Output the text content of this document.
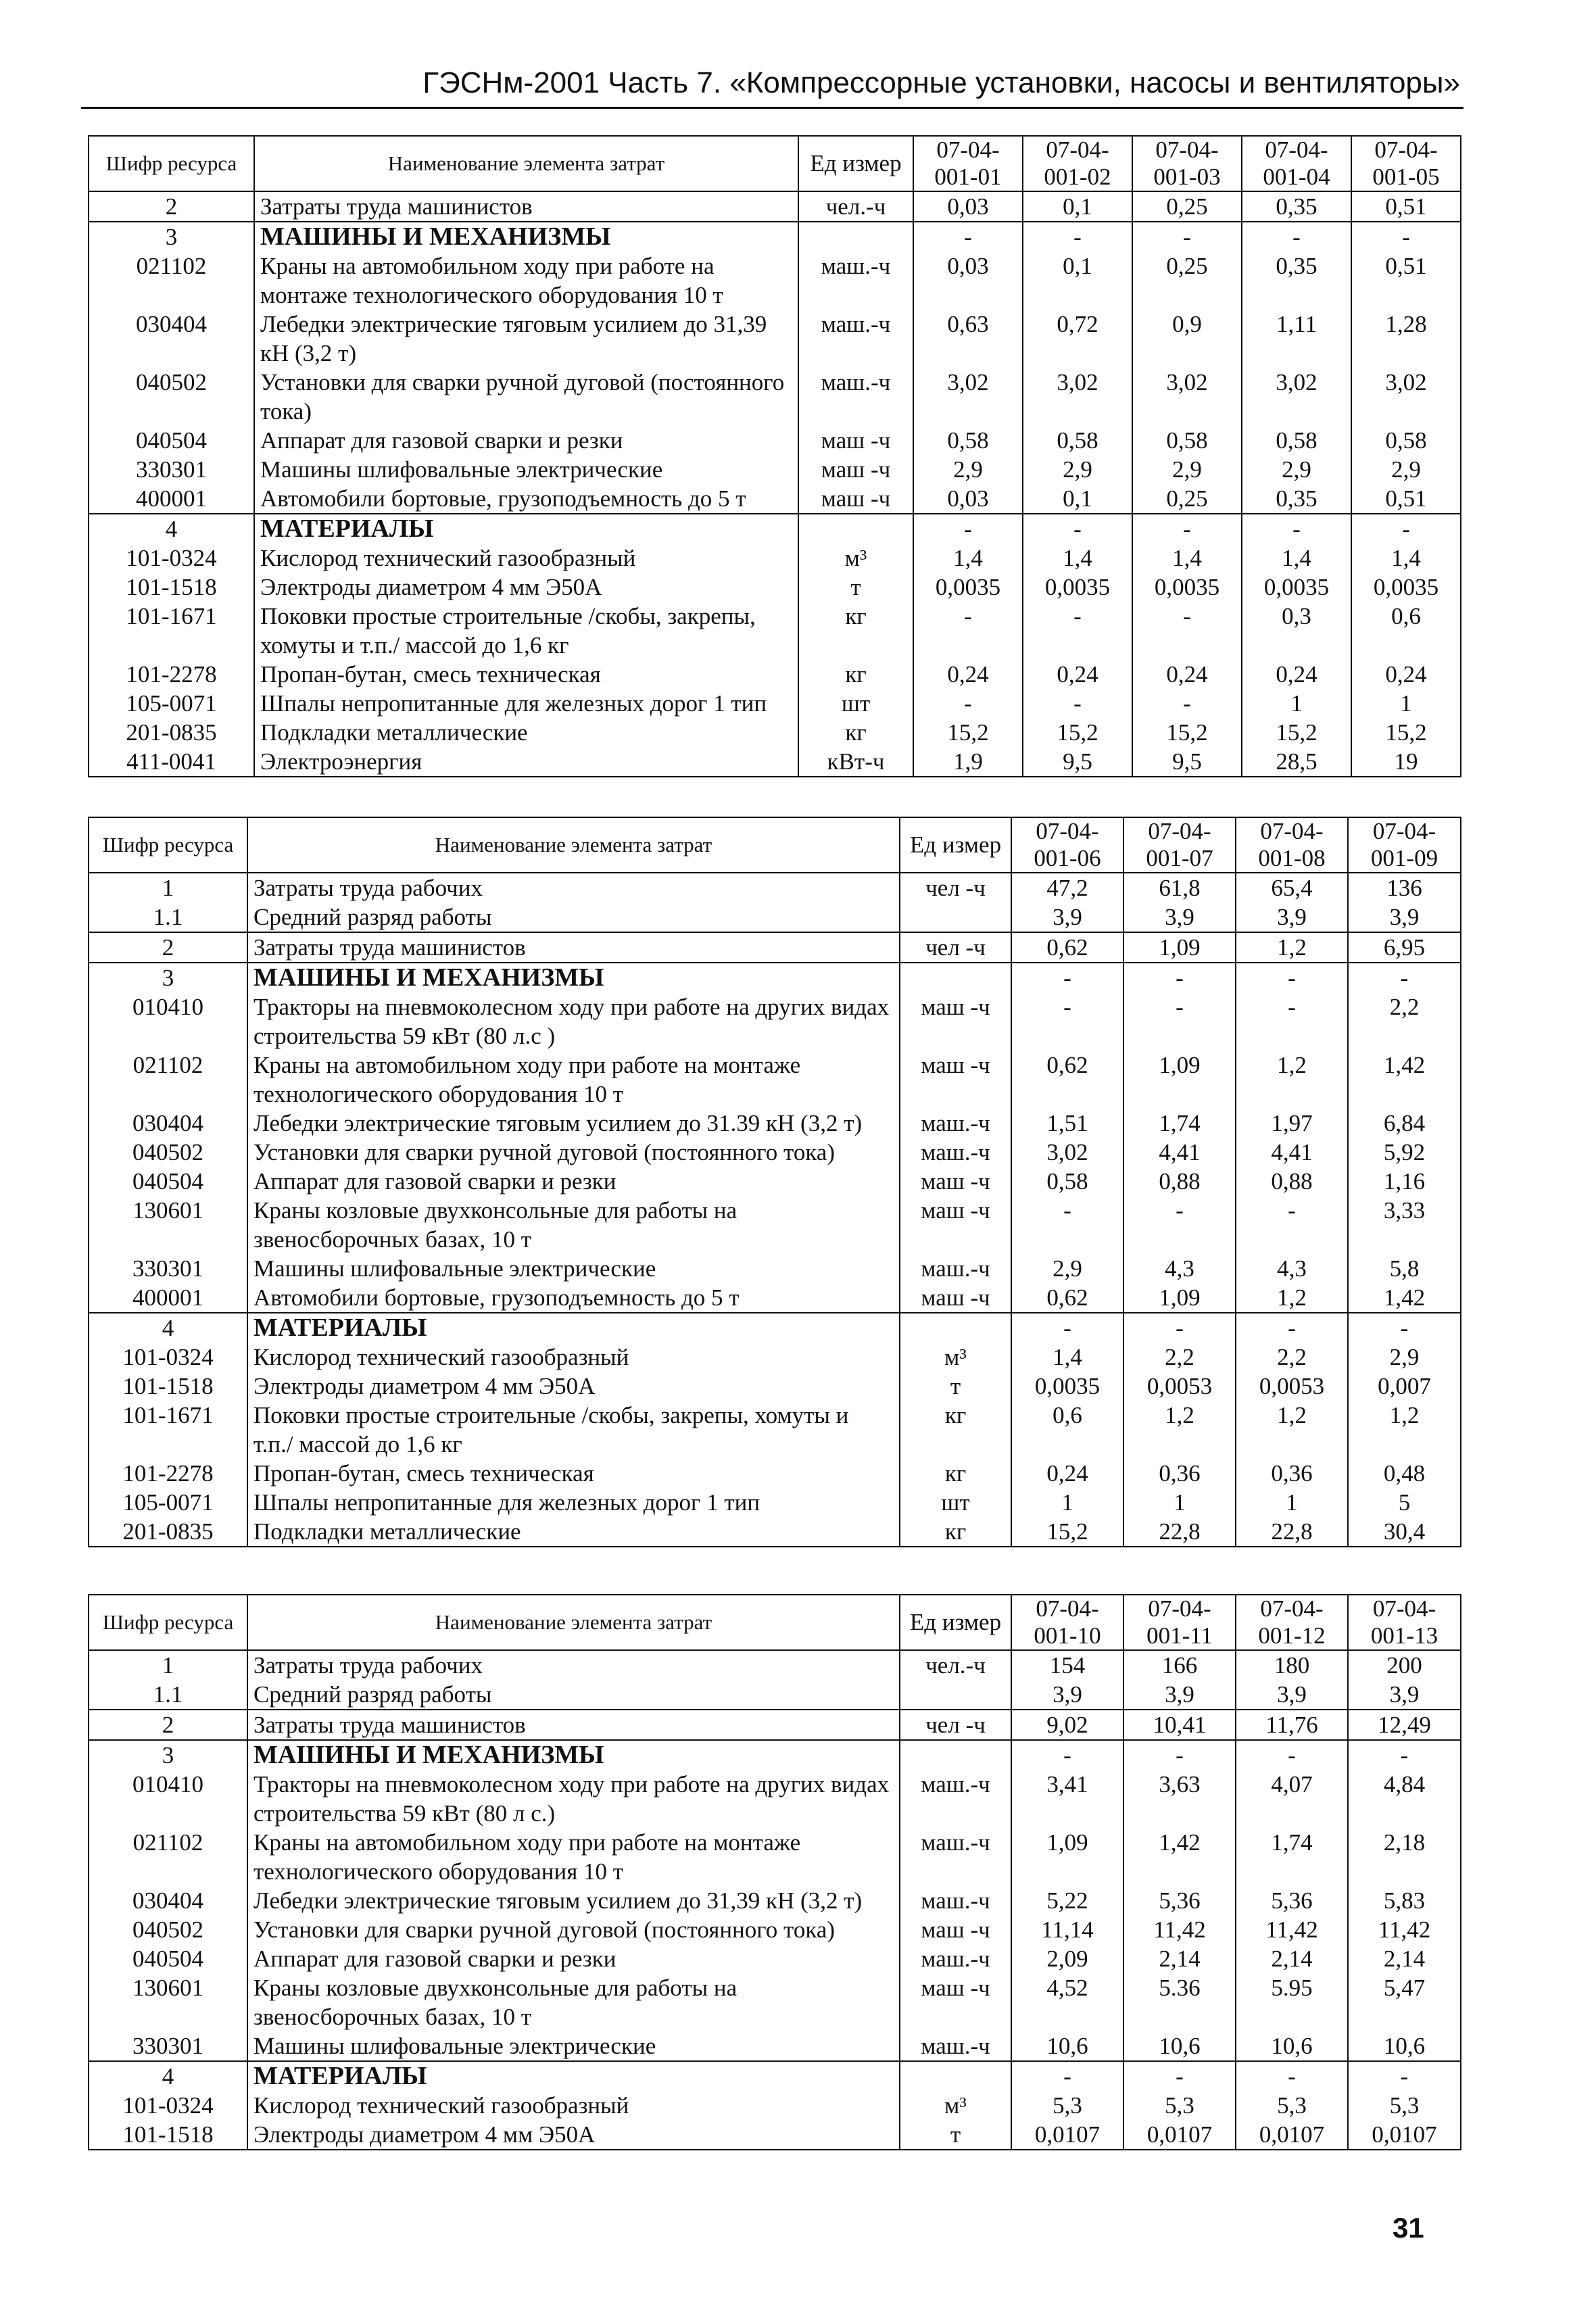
ГЭСНм-2001 Часть 7. «Компрессорные установки, насосы и вентиляторы»
Шифр ресурса	Наименование элемента затрат	Ед измер	07-04-001-01	07-04-001-02	07-04-001-03	07-04-001-04	07-04-001-05
2	Затраты труда машинистов	чел.-ч	0,03	0,1	0,25	0,35	0,51
3	МАШИНЫ И МЕХАНИЗМЫ		-	-	-	-	-
021102	Краны на автомобильном ходу при работе на монтаже технологического оборудования 10 т	маш.-ч	0,03	0,1	0,25	0,35	0,51
030404	Лебедки электрические тяговым усилием до 31,39 кН (3,2 т)	маш.-ч	0,63	0,72	0,9	1,11	1,28
040502	Установки для сварки ручной дуговой (постоянного тока)	маш.-ч	3,02	3,02	3,02	3,02	3,02
040504	Аппарат для газовой сварки и резки	маш -ч	0,58	0,58	0,58	0,58	0,58
330301	Машины шлифовальные электрические	маш -ч	2,9	2,9	2,9	2,9	2,9
400001	Автомобили бортовые, грузоподъемность до 5 т	маш -ч	0,03	0,1	0,25	0,35	0,51
4	МАТЕРИАЛЫ		-	-	-	-	-
101-0324	Кислород технический газообразный	м³	1,4	1,4	1,4	1,4	1,4
101-1518	Электроды диаметром 4 мм Э50А	т	0,0035	0,0035	0,0035	0,0035	0,0035
101-1671	Поковки простые строительные /скобы, закрепы, хомуты и т.п./ массой до 1,6 кг	кг	-	-	-	0,3	0,6
101-2278	Пропан-бутан, смесь техническая	кг	0,24	0,24	0,24	0,24	0,24
105-0071	Шпалы непропитанные для железных дорог 1 тип	шт	-	-	-	1	1
201-0835	Подкладки металлические	кг	15,2	15,2	15,2	15,2	15,2
411-0041	Электроэнергия	кВт-ч	1,9	9,5	9,5	28,5	19
Шифр ресурса	Наименование элемента затрат	Ед измер	07-04-001-06	07-04-001-07	07-04-001-08	07-04-001-09
1	Затраты труда рабочих	чел -ч	47,2	61,8	65,4	136
1.1	Средний разряд работы		3,9	3,9	3,9	3,9
2	Затраты труда машинистов	чел -ч	0,62	1,09	1,2	6,95
3	МАШИНЫ И МЕХАНИЗМЫ		-	-	-	-
010410	Тракторы на пневмоколесном ходу при работе на других видах строительства 59 кВт (80 л.с )	маш -ч	-	-	-	2,2
021102	Краны на автомобильном ходу при работе на монтаже технологического оборудования 10 т	маш -ч	0,62	1,09	1,2	1,42
030404	Лебедки электрические тяговым усилием до 31.39 кН (3,2 т)	маш.-ч	1,51	1,74	1,97	6,84
040502	Установки для сварки ручной дуговой (постоянного тока)	маш.-ч	3,02	4,41	4,41	5,92
040504	Аппарат для газовой сварки и резки	маш -ч	0,58	0,88	0,88	1,16
130601	Краны козловые двухконсольные для работы на звеносборочных базах, 10 т	маш -ч	-	-	-	3,33
330301	Машины шлифовальные электрические	маш.-ч	2,9	4,3	4,3	5,8
400001	Автомобили бортовые, грузоподъемность до 5 т	маш -ч	0,62	1,09	1,2	1,42
4	МАТЕРИАЛЫ		-	-	-	-
101-0324	Кислород технический газообразный	м³	1,4	2,2	2,2	2,9
101-1518	Электроды диаметром 4 мм Э50А	т	0,0035	0,0053	0,0053	0,007
101-1671	Поковки простые строительные /скобы, закрепы, хомуты и т.п./ массой до 1,6 кг	кг	0,6	1,2	1,2	1,2
101-2278	Пропан-бутан, смесь техническая	кг	0,24	0,36	0,36	0,48
105-0071	Шпалы непропитанные для железных дорог 1 тип	шт	1	1	1	5
201-0835	Подкладки металлические	кг	15,2	22,8	22,8	30,4
Шифр ресурса	Наименование элемента затрат	Ед измер	07-04-001-10	07-04-001-11	07-04-001-12	07-04-001-13
1	Затраты труда рабочих	чел.-ч	154	166	180	200
1.1	Средний разряд работы		3,9	3,9	3,9	3,9
2	Затраты труда машинистов	чел -ч	9,02	10,41	11,76	12,49
3	МАШИНЫ И МЕХАНИЗМЫ		-	-	-	-
010410	Тракторы на пневмоколесном ходу при работе на других видах строительства 59 кВт (80 л с.)	маш.-ч	3,41	3,63	4,07	4,84
021102	Краны на автомобильном ходу при работе на монтаже технологического оборудования 10 т	маш.-ч	1,09	1,42	1,74	2,18
030404	Лебедки электрические тяговым усилием до 31,39 кН (3,2 т)	маш.-ч	5,22	5,36	5,36	5,83
040502	Установки для сварки ручной дуговой (постоянного тока)	маш -ч	11,14	11,42	11,42	11,42
040504	Аппарат для газовой сварки и резки	маш.-ч	2,09	2,14	2,14	2,14
130601	Краны козловые двухконсольные для работы на звеносборочных базах, 10 т	маш -ч	4,52	5.36	5.95	5,47
330301	Машины шлифовальные электрические	маш.-ч	10,6	10,6	10,6	10,6
4	МАТЕРИАЛЫ		-	-	-	-
101-0324	Кислород технический газообразный	м³	5,3	5,3	5,3	5,3
101-1518	Электроды диаметром 4 мм Э50А	т	0,0107	0,0107	0,0107	0,0107
31
